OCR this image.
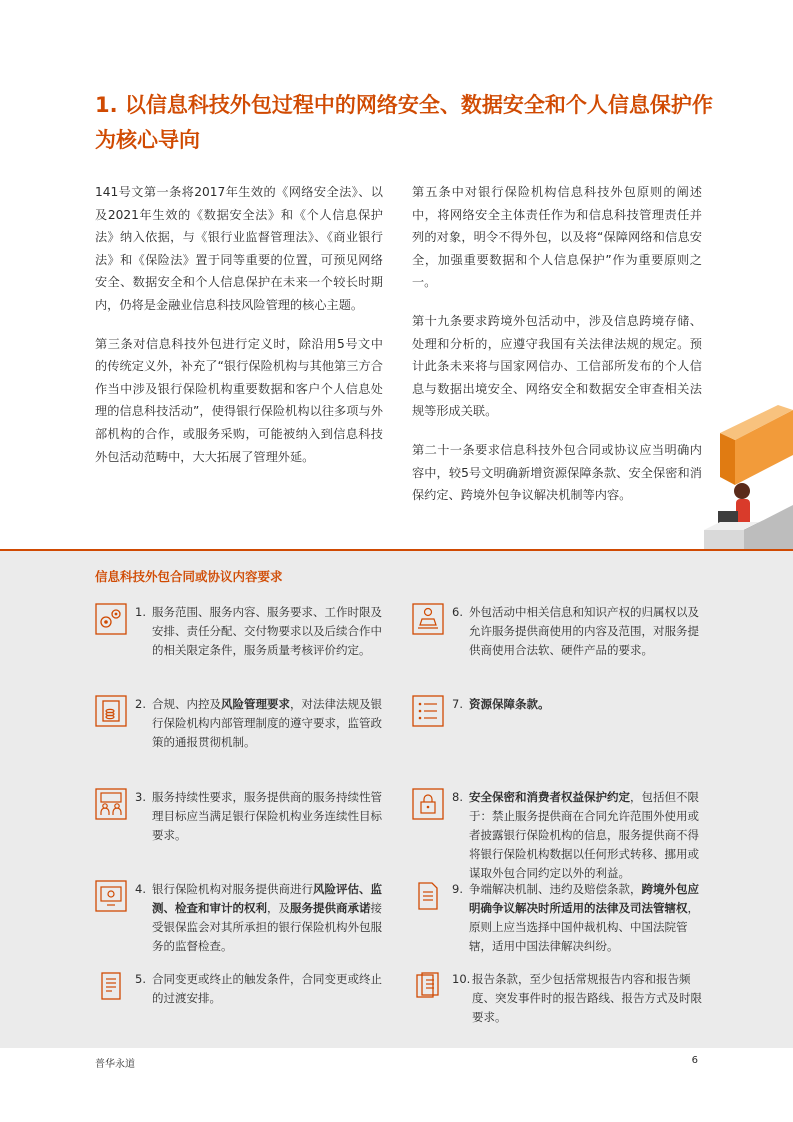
1. 以信息科技外包过程中的网络安全、数据安全和个人信息保护作为核心导向

141号文第一条将2017年生效的《网络安全法》、以及2021年生效的《数据安全法》和《个人信息保护法》纳入依据，与《银行业监督管理法》、《商业银行法》和《保险法》置于同等重要的位置，可预见网络安全、数据安全和个人信息保护在未来一个较长时期内，仍将是金融业信息科技风险管理的核心主题。

第三条对信息科技外包进行定义时，除沿用5号文中的传统定义外，补充了“银行保险机构与其他第三方合作当中涉及银行保险机构重要数据和客户个人信息处理的信息科技活动”，使得银行保险机构以往多项与外部机构的合作，或服务采购，可能被纳入到信息科技外包活动范畴中，大大拓展了管理外延。

第五条中对银行保险机构信息科技外包原则的阐述中，将网络安全主体责任作为和信息科技管理责任并列的对象，明令不得外包，以及将“保障网络和信息安全，加强重要数据和个人信息保护”作为重要原则之一。

第十九条要求跨境外包活动中，涉及信息跨境存储、处理和分析的，应遵守我国有关法律法规的规定。预计此条未来将与国家网信办、工信部所发布的个人信息与数据出境安全、网络安全和数据安全审查相关法规等形成关联。

第二十一条要求信息科技外包合同或协议应当明确内容中，较5号文明确新增资源保障条款、安全保密和消保约定、跨境外包争议解决机制等内容。

信息科技外包合同或协议内容要求
1. 服务范围、服务内容、服务要求、工作时限及安排、责任分配、交付物要求以及后续合作中的相关限定条件，服务质量考核评价约定。
2. 合规、内控及风险管理要求，对法律法规及银行保险机构内部管理制度的遵守要求，监管政策的通报贯彻机制。
3. 服务持续性要求，服务提供商的服务持续性管理目标应当满足银行保险机构业务连续性目标要求。
4. 银行保险机构对服务提供商进行风险评估、监测、检查和审计的权利，及服务提供商承诺接受银保监会对其所承担的银行保险机构外包服务的监督检查。
5. 合同变更或终止的触发条件，合同变更或终止的过渡安排。
6. 外包活动中相关信息和知识产权的归属权以及允许服务提供商使用的内容及范围，对服务提供商使用合法软、硬件产品的要求。
7. 资源保障条款。
8. 安全保密和消费者权益保护约定，包括但不限于：禁止服务提供商在合同允许范围外使用或者披露银行保险机构的信息，服务提供商不得将银行保险机构数据以任何形式转移、挪用或谋取外包合同约定以外的利益。
9. 争端解决机制、违约及赔偿条款，跨境外包应明确争议解决时所适用的法律及司法管辖权，原则上应当选择中国仲裁机构、中国法院管辖，适用中国法律解决纠纷。
10. 报告条款，至少包括常规报告内容和报告频度、突发事件时的报告路线、报告方式及时限要求。
普华永道	6
